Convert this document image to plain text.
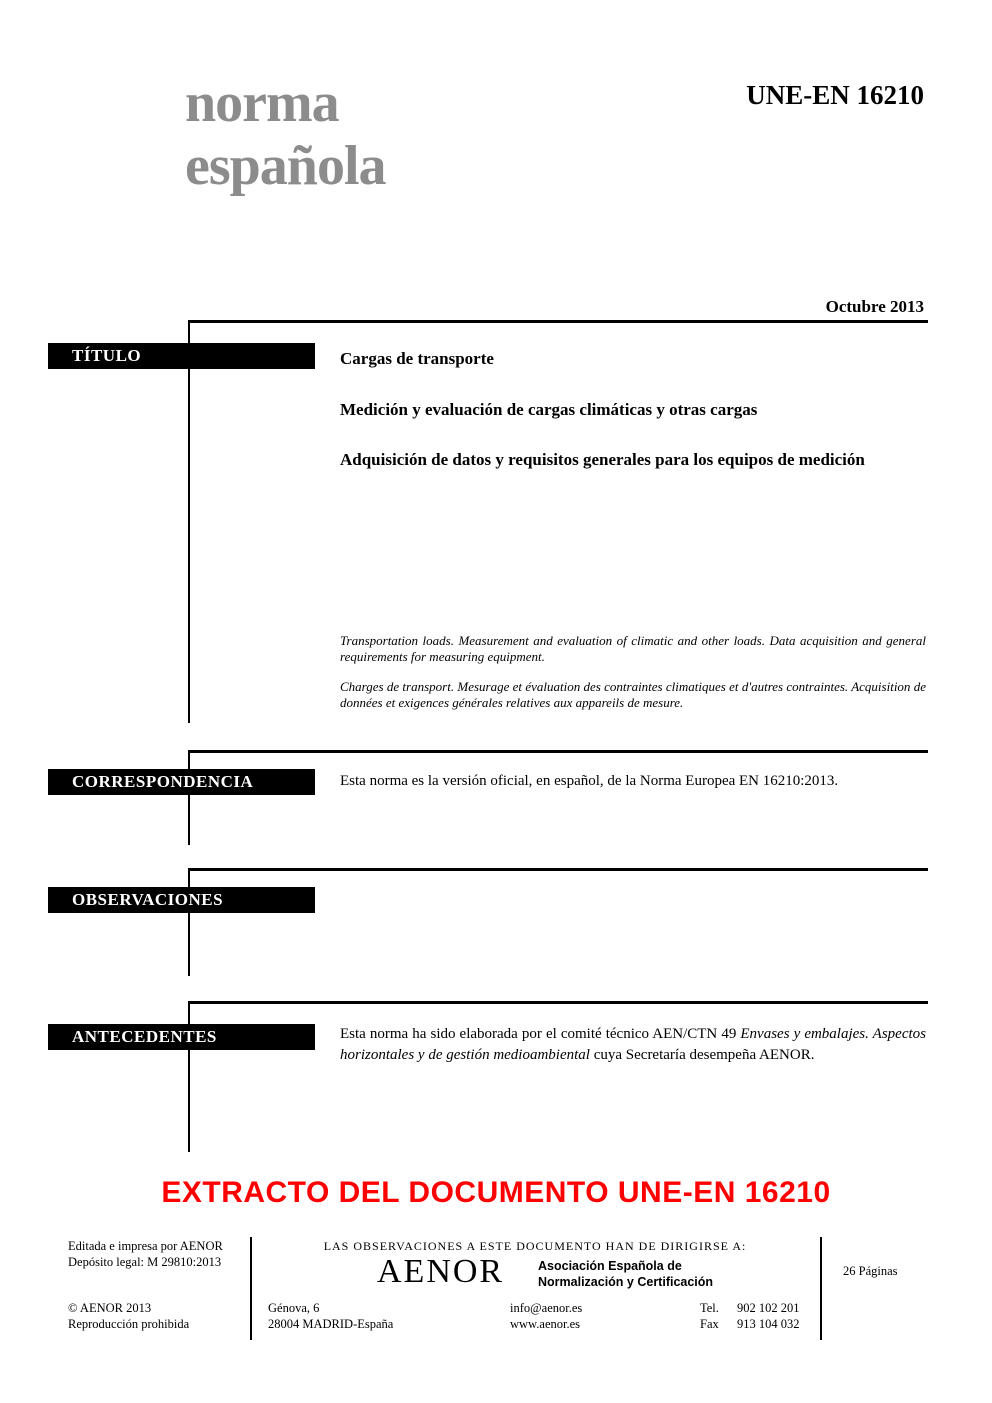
norma
española
UNE-EN 16210
Octubre 2013
TÍTULO	Cargas de transporte
Medición y evaluación de cargas climáticas y otras cargas
Adquisición de datos y requisitos generales para los equipos de medición
Transportation loads. Measurement and evaluation of climatic and other loads. Data acquisition and general requirements for measuring equipment.
Charges de transport. Mesurage et évaluation des contraintes climatiques et d'autres contraintes. Acquisition de données et exigences générales relatives aux appareils de mesure.
CORRESPONDENCIA	Esta norma es la versión oficial, en español, de la Norma Europea EN 16210:2013.
OBSERVACIONES
ANTECEDENTES	Esta norma ha sido elaborada por el comité técnico AEN/CTN 49 Envases y embalajes. Aspectos horizontales y de gestión medioambiental cuya Secretaría desempeña AENOR.
EXTRACTO DEL DOCUMENTO UNE-EN 16210
Editada e impresa por AENOR
Depósito legal: M 29810:2013
© AENOR 2013
Reproducción prohibida
LAS OBSERVACIONES A ESTE DOCUMENTO HAN DE DIRIGIRSE A:
AENOR	Asociación Española de
Normalización y Certificación
Génova, 6
28004 MADRID-España
info@aenor.es
www.aenor.es
Tel. 902 102 201
Fax 913 104 032
26 Páginas
